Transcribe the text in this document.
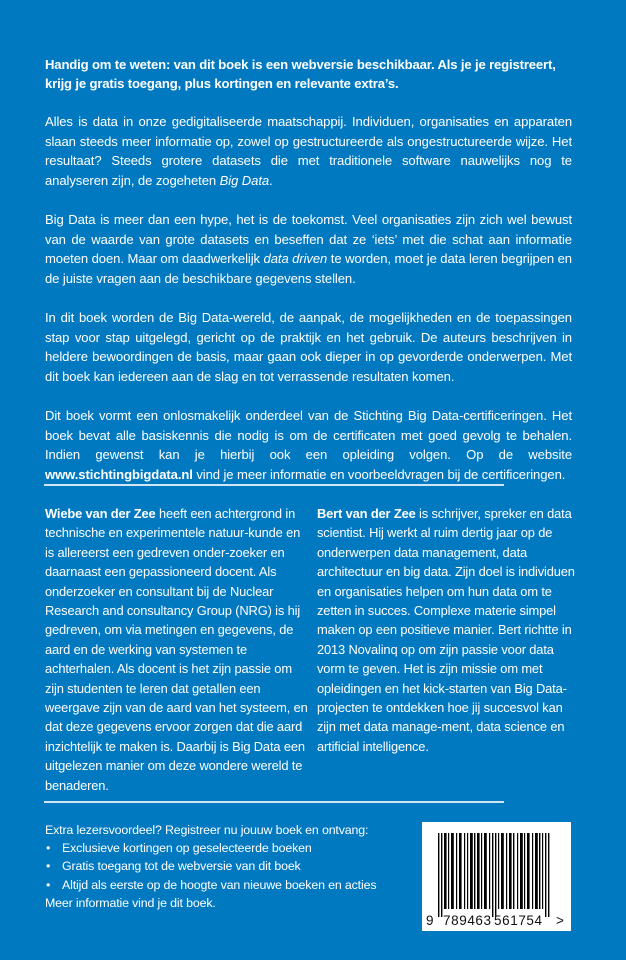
Handig om te weten: van dit boek is een webversie beschikbaar. Als je je registreert, krijg je gratis toegang, plus kortingen en relevante extra’s.

Alles is data in onze gedigitaliseerde maatschappij. Individuen, organisaties en apparaten slaan steeds meer informatie op, zowel op gestructureerde als ongestructureerde wijze. Het resultaat? Steeds grotere datasets die met traditionele software nauwelijks nog te analyseren zijn, de zogeheten Big Data.

Big Data is meer dan een hype, het is de toekomst. Veel organisaties zijn zich wel bewust van de waarde van grote datasets en beseffen dat ze ‘iets’ met die schat aan informatie moeten doen. Maar om daadwerkelijk data driven te worden, moet je data leren begrijpen en de juiste vragen aan de beschikbare gegevens stellen.

In dit boek worden de Big Data-wereld, de aanpak, de mogelijkheden en de toepassingen stap voor stap uitgelegd, gericht op de praktijk en het gebruik. De auteurs beschrijven in heldere bewoordingen de basis, maar gaan ook dieper in op gevorderde onderwerpen. Met dit boek kan iedereen aan de slag en tot verrassende resultaten komen.

Dit boek vormt een onlosmakelijk onderdeel van de Stichting Big Data-certificeringen. Het boek bevat alle basiskennis die nodig is om de certificaten met goed gevolg te behalen. Indien gewenst kan je hierbij ook een opleiding volgen. Op de website www.stichtingbigdata.nl vind je meer informatie en voorbeeldvragen bij de certificeringen.

Wiebe van der Zee heeft een achtergrond in technische en experimentele natuur-kunde en is allereerst een gedreven onder-zoeker en daarnaast een gepassioneerd docent. Als onderzoeker en consultant bij de Nuclear Research and consultancy Group (NRG) is hij gedreven, om via metingen en gegevens, de aard en de werking van systemen te achterhalen. Als docent is het zijn passie om zijn studenten te leren dat getallen een weergave zijn van de aard van het systeem, en dat deze gegevens ervoor zorgen dat die aard inzichtelijk te maken is. Daarbij is Big Data een uitgelezen manier om deze wondere wereld te benaderen.
Bert van der Zee is schrijver, spreker en data scientist. Hij werkt al ruim dertig jaar op de onderwerpen data management, data architectuur en big data. Zijn doel is individuen en organisaties helpen om hun data om te zetten in succes. Complexe materie simpel maken op een positieve manier. Bert richtte in 2013 Novalinq op om zijn passie voor data vorm te geven. Het is zijn missie om met opleidingen en het kick-starten van Big Data-projecten te ontdekken hoe jij succesvol kan zijn met data manage-ment, data science en artificial intelligence.
Extra lezersvoordeel? Registreer nu jouuw boek en ontvang:
• Exclusieve kortingen op geselecteerde boeken
• Gratis toegang tot de webversie van dit boek
• Altijd als eerste op de hoogte van nieuwe boeken en acties
Meer informatie vind je dit boek.
9 789463 561754 >
